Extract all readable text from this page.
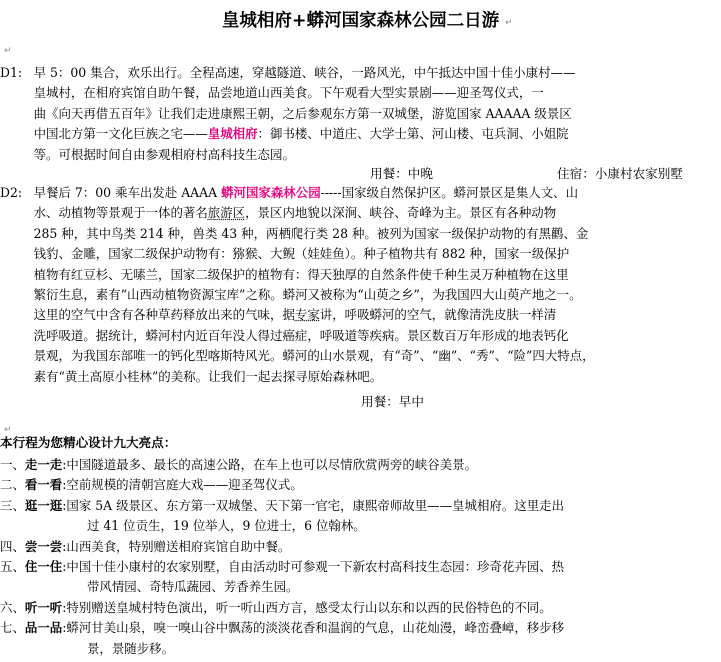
↵
↵
↵
皇城相府+蟒河国家森林公园二日游
D1: 早 5：00 集合，欢乐出行。全程高速，穿越隧道、峡谷，一路风光，中午抵达中国十佳小康村——
皇城村，在相府宾馆自助午餐，品尝地道山西美食。下午观看大型实景剧——迎圣驾仪式，一
曲《向天再借五百年》让我们走进康熙王朝，之后参观东方第一双城堡，游览国家 AAAAA 级景区
中国北方第一文化巨族之宅——皇城相府：御书楼、中道庄、大学士第、河山楼、屯兵洞、小姐院
等。可根据时间自由参观相府村高科技生态园。
用餐：中晚	住宿：小康村农家别墅
D2: 早餐后 7：00 乘车出发赴 AAAA 蟒河国家森林公园-----国家级自然保护区。蟒河景区是集人文、山
水、动植物等景观于一体的著名旅游区，景区内地貌以深涧、峡谷、奇峰为主。景区有各种动物
285 种，其中鸟类 214 种，兽类 43 种，两栖爬行类 28 种。被列为国家一级保护动物的有黑鹳、金
钱豹、金雕，国家二级保护动物有：猕猴、大鲵（娃娃鱼）。种子植物共有 882 种，国家一级保护
植物有红豆杉、无嗉兰，国家二级保护的植物有：得天独厚的自然条件使千种生灵万种植物在这里
繁衍生息，素有“山西动植物资源宝库”之称。蟒河又被称为“山萸之乡”，为我国四大山萸产地之一。
这里的空气中含有各种草药释放出来的气味，据专家讲，呼吸蟒河的空气，就像清洗皮肤一样清
洗呼吸道。据统计，蟒河村内近百年没人得过癌症，呼吸道等疾病。景区数百万年形成的地表钙化
景观，为我国东部唯一的钙化型喀斯特风光。蟒河的山水景观，有“奇”、“幽”、“秀”、“险”四大特点，
素有“黄土高原小桂林”的美称。让我们一起去探寻原始森林吧。
用餐：早中
本行程为您精心设计九大亮点：
一、走一走:中国隧道最多、最长的高速公路，在车上也可以尽情欣赏两旁的峡谷美景。
二、看一看:空前规模的清朝宫庭大戏——迎圣驾仪式。
三、逛一逛:国家 5A 级景区、东方第一双城堡、天下第一官宅，康熙帝师故里——皇城相府。这里走出
过 41 位贡生，19 位举人，9 位进士，6 位翰林。
四、尝一尝:山西美食，特别赠送相府宾馆自助中餐。
五、住一住:中国十佳小康村的农家别墅，自由活动时可参观一下新农村高科技生态园：珍奇花卉园、热
带风情园、奇特瓜蔬园、芳香养生园。
六、听一听:特别赠送皇城村特色演出，听一听山西方言，感受太行山以东和以西的民俗特色的不同。
七、品一品:蟒河甘美山泉，嗅一嗅山谷中飘荡的淡淡花香和温润的气息，山花灿漫，峰峦叠嶂，移步移
景，景随步移。
